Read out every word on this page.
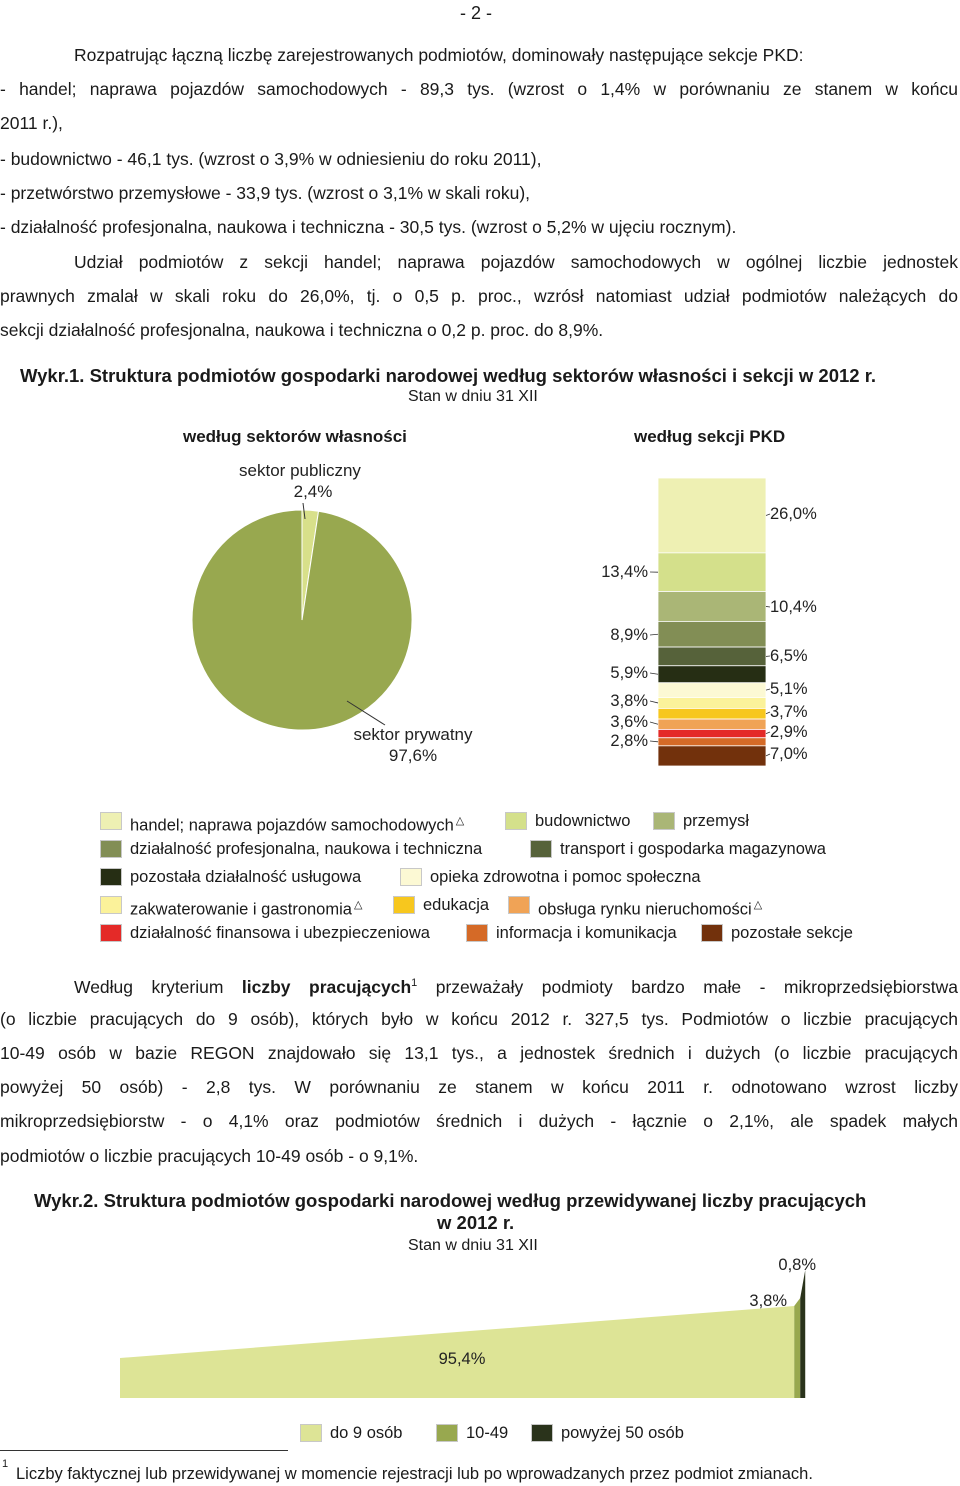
- 2 -
Rozpatrując łączną liczbę zarejestrowanych podmiotów, dominowały następujące sekcje PKD:
- handel; naprawa pojazdów samochodowych - 89,3 tys. (wzrost o 1,4% w porównaniu ze stanem w końcu
2011 r.),
- budownictwo - 46,1 tys. (wzrost o 3,9% w odniesieniu do roku 2011),
- przetwórstwo przemysłowe - 33,9 tys. (wzrost o 3,1% w skali roku),
- działalność profesjonalna, naukowa i techniczna - 30,5 tys. (wzrost o 5,2% w ujęciu rocznym).
Udział podmiotów z sekcji handel; naprawa pojazdów samochodowych w ogólnej liczbie jednostek
prawnych zmalał w skali roku do 26,0%, tj. o 0,5 p. proc., wzrósł natomiast udział podmiotów należących do
sekcji działalność profesjonalna, naukowa i techniczna o 0,2 p. proc. do 8,9%.
Wykr.1. Struktura podmiotów gospodarki narodowej według sektorów własności i sekcji w 2012 r.
Stan w dniu 31 XII
według sektorów własności	według sekcji PKD
sektor publiczny
2,4%
sektor prywatny
97,6%
26,0%
13,4%
10,4%
8,9%
6,5%
5,9%
5,1%
3,8%
3,7%
3,6%
2,9%
2,8%
7,0%
handel; naprawa pojazdów samochodowych △	budownictwo	przemysł
działalność profesjonalna, naukowa i techniczna	transport i gospodarka magazynowa
pozostała działalność usługowa	opieka zdrowotna i pomoc społeczna
zakwaterowanie i gastronomia △	edukacja	obsługa rynku nieruchomości △
działalność finansowa i ubezpieczeniowa	informacja i komunikacja	pozostałe sekcje
Według kryterium liczby pracujących$^1$ przeważały podmioty bardzo małe - mikroprzedsiębiorstwa
(o liczbie pracujących do 9 osób), których było w końcu 2012 r. 327,5 tys. Podmiotów o liczbie pracujących
10-49 osób w bazie REGON znajdowało się 13,1 tys., a jednostek średnich i dużych (o liczbie pracujących
powyżej 50 osób) - 2,8 tys. W porównaniu ze stanem w końcu 2011 r. odnotowano wzrost liczby
mikroprzedsiębiorstw - o 4,1% oraz podmiotów średnich i dużych - łącznie o 2,1%, ale spadek małych
podmiotów o liczbie pracujących 10-49 osób - o 9,1%.
Wykr.2. Struktura podmiotów gospodarki narodowej według przewidywanej liczby pracujących
w 2012 r.
Stan w dniu 31 XII
95,4%
3,8%
0,8%
do 9 osób	10-49	powyżej 50 osób
1
Liczby faktycznej lub przewidywanej w momencie rejestracji lub po wprowadzanych przez podmiot zmianach.
